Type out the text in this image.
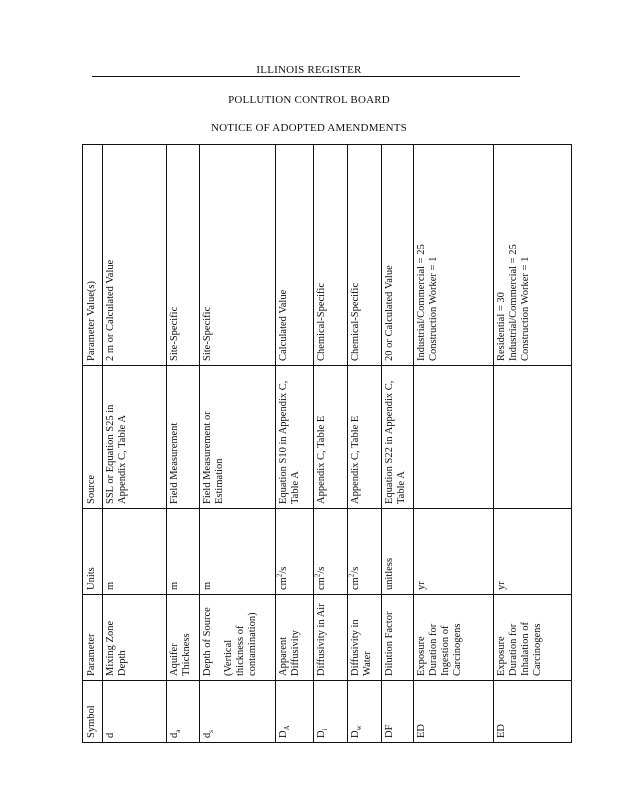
ILLINOIS REGISTER
POLLUTION CONTROL BOARD
NOTICE OF ADOPTED AMENDMENTS
Symbol	Parameter	Units	Source	Parameter Value(s)
d	Mixing Zone Depth	m	SSL or Equation S25 in Appendix C, Table A	2 m or Calculated Value
$d_a$	Aquifer Thickness	m	Field Measurement	Site-Specific
$d_s$	Depth of Source (Vertical thickness of contamination)	m	Field Measurement or Estimation	Site-Specific
$D_A$	Apparent Diffusivity	$cm^2/s$	Equation S10 in Appendix C, Table A	Calculated Value
$D_i$	Diffusivity in Air	$cm^2/s$	Appendix C, Table E	Chemical-Specific
$D_w$	Diffusivity in Water	$cm^2/s$	Appendix C, Table E	Chemical-Specific
DF	Dilution Factor	unitless	Equation S22 in Appendix C, Table A	20 or Calculated Value
ED	Exposure Duration for Ingestion of Carcinogens	yr		Industrial/Commercial = 25 Construction Worker = 1

ED	Exposure Duration for Inhalation of Carcinogens	yr		Residential = 30 Industrial/Commercial = 25 Construction Worker = 1
